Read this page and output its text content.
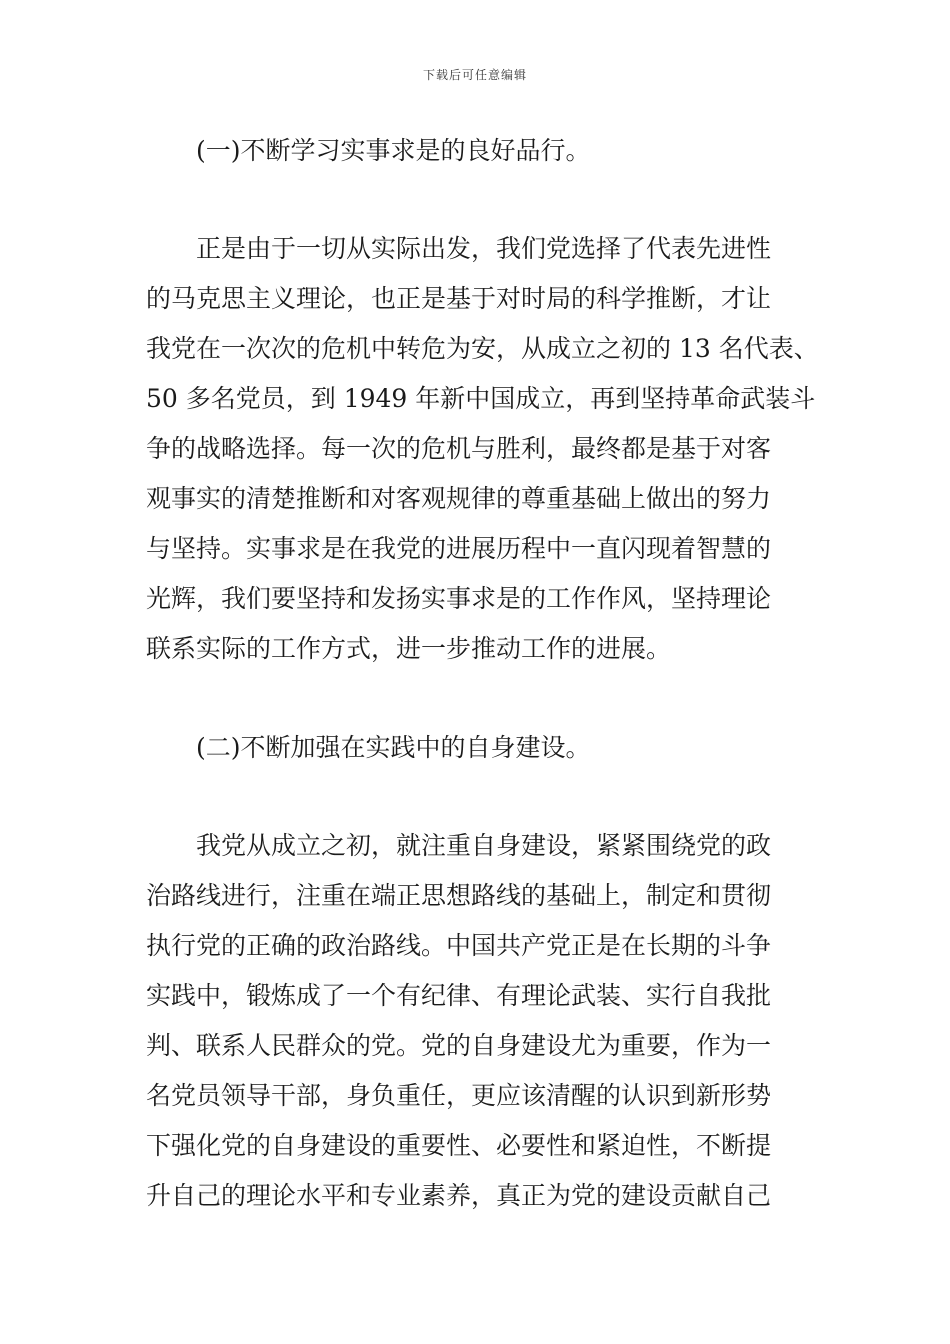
下载后可任意编辑
(一)不断学习实事求是的良好品行。
正是由于一切从实际出发，我们党选择了代表先进性
的马克思主义理论，也正是基于对时局的科学推断，才让
我党在一次次的危机中转危为安，从成立之初的 13 名代表、
50 多名党员，到 1949 年新中国成立，再到坚持革命武装斗
争的战略选择。每一次的危机与胜利，最终都是基于对客
观事实的清楚推断和对客观规律的尊重基础上做出的努力
与坚持。实事求是在我党的进展历程中一直闪现着智慧的
光辉，我们要坚持和发扬实事求是的工作作风，坚持理论
联系实际的工作方式，进一步推动工作的进展。
(二)不断加强在实践中的自身建设。
我党从成立之初，就注重自身建设，紧紧围绕党的政
治路线进行，注重在端正思想路线的基础上，制定和贯彻
执行党的正确的政治路线。中国共产党正是在长期的斗争
实践中，锻炼成了一个有纪律、有理论武装、实行自我批
判、联系人民群众的党。党的自身建设尤为重要，作为一
名党员领导干部，身负重任，更应该清醒的认识到新形势
下强化党的自身建设的重要性、必要性和紧迫性，不断提
升自己的理论水平和专业素养，真正为党的建设贡献自己
